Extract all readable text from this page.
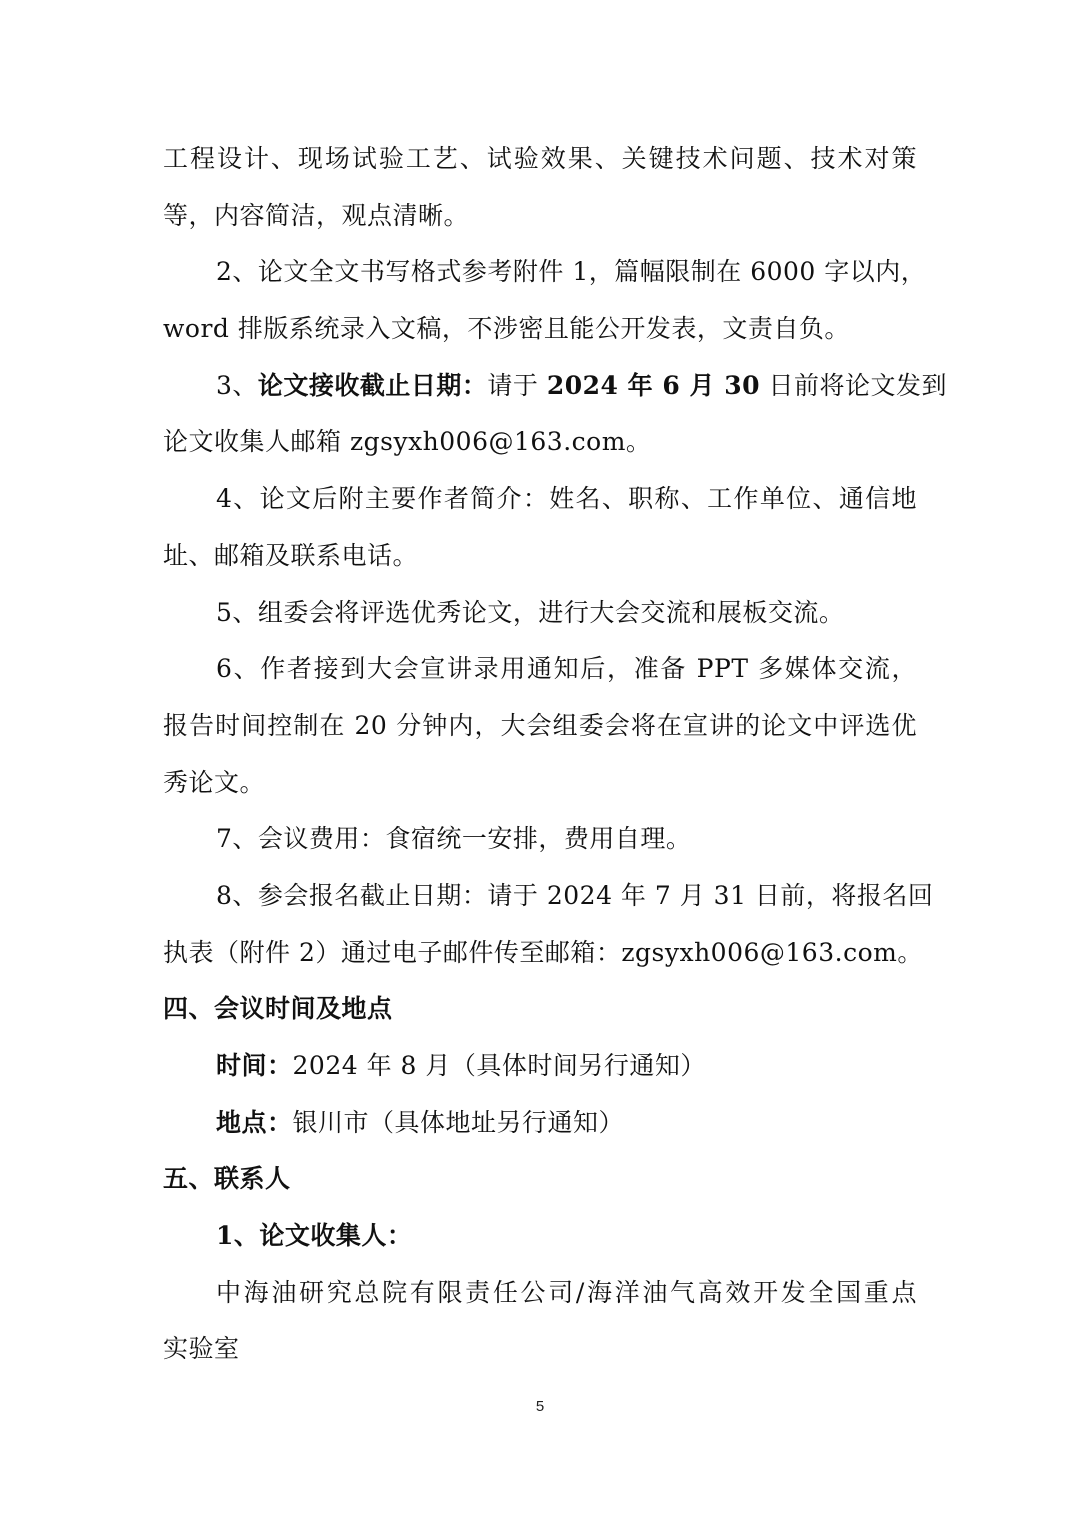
工程设计、现场试验工艺、试验效果、关键技术问题、技术对策
等，内容简洁，观点清晰。
2、论文全文书写格式参考附件 1，篇幅限制在 6000 字以内，
word 排版系统录入文稿，不涉密且能公开发表，文责自负。
3、论文接收截止日期：请于 2024 年 6 月 30 日前将论文发到
论文收集人邮箱 zgsyxh006@163.com。
4、论文后附主要作者简介：姓名、职称、工作单位、通信地
址、邮箱及联系电话。
5、组委会将评选优秀论文，进行大会交流和展板交流。
6、作者接到大会宣讲录用通知后，准备 PPT 多媒体交流，
报告时间控制在 20 分钟内，大会组委会将在宣讲的论文中评选优
秀论文。
7、会议费用：食宿统一安排，费用自理。
8、参会报名截止日期：请于 2024 年 7 月 31 日前，将报名回
执表（附件 2）通过电子邮件传至邮箱：zgsyxh006@163.com。
四、会议时间及地点
时间：2024 年 8 月（具体时间另行通知）
地点：银川市（具体地址另行通知）
五、联系人
1、论文收集人：
中海油研究总院有限责任公司/海洋油气高效开发全国重点
实验室
5
